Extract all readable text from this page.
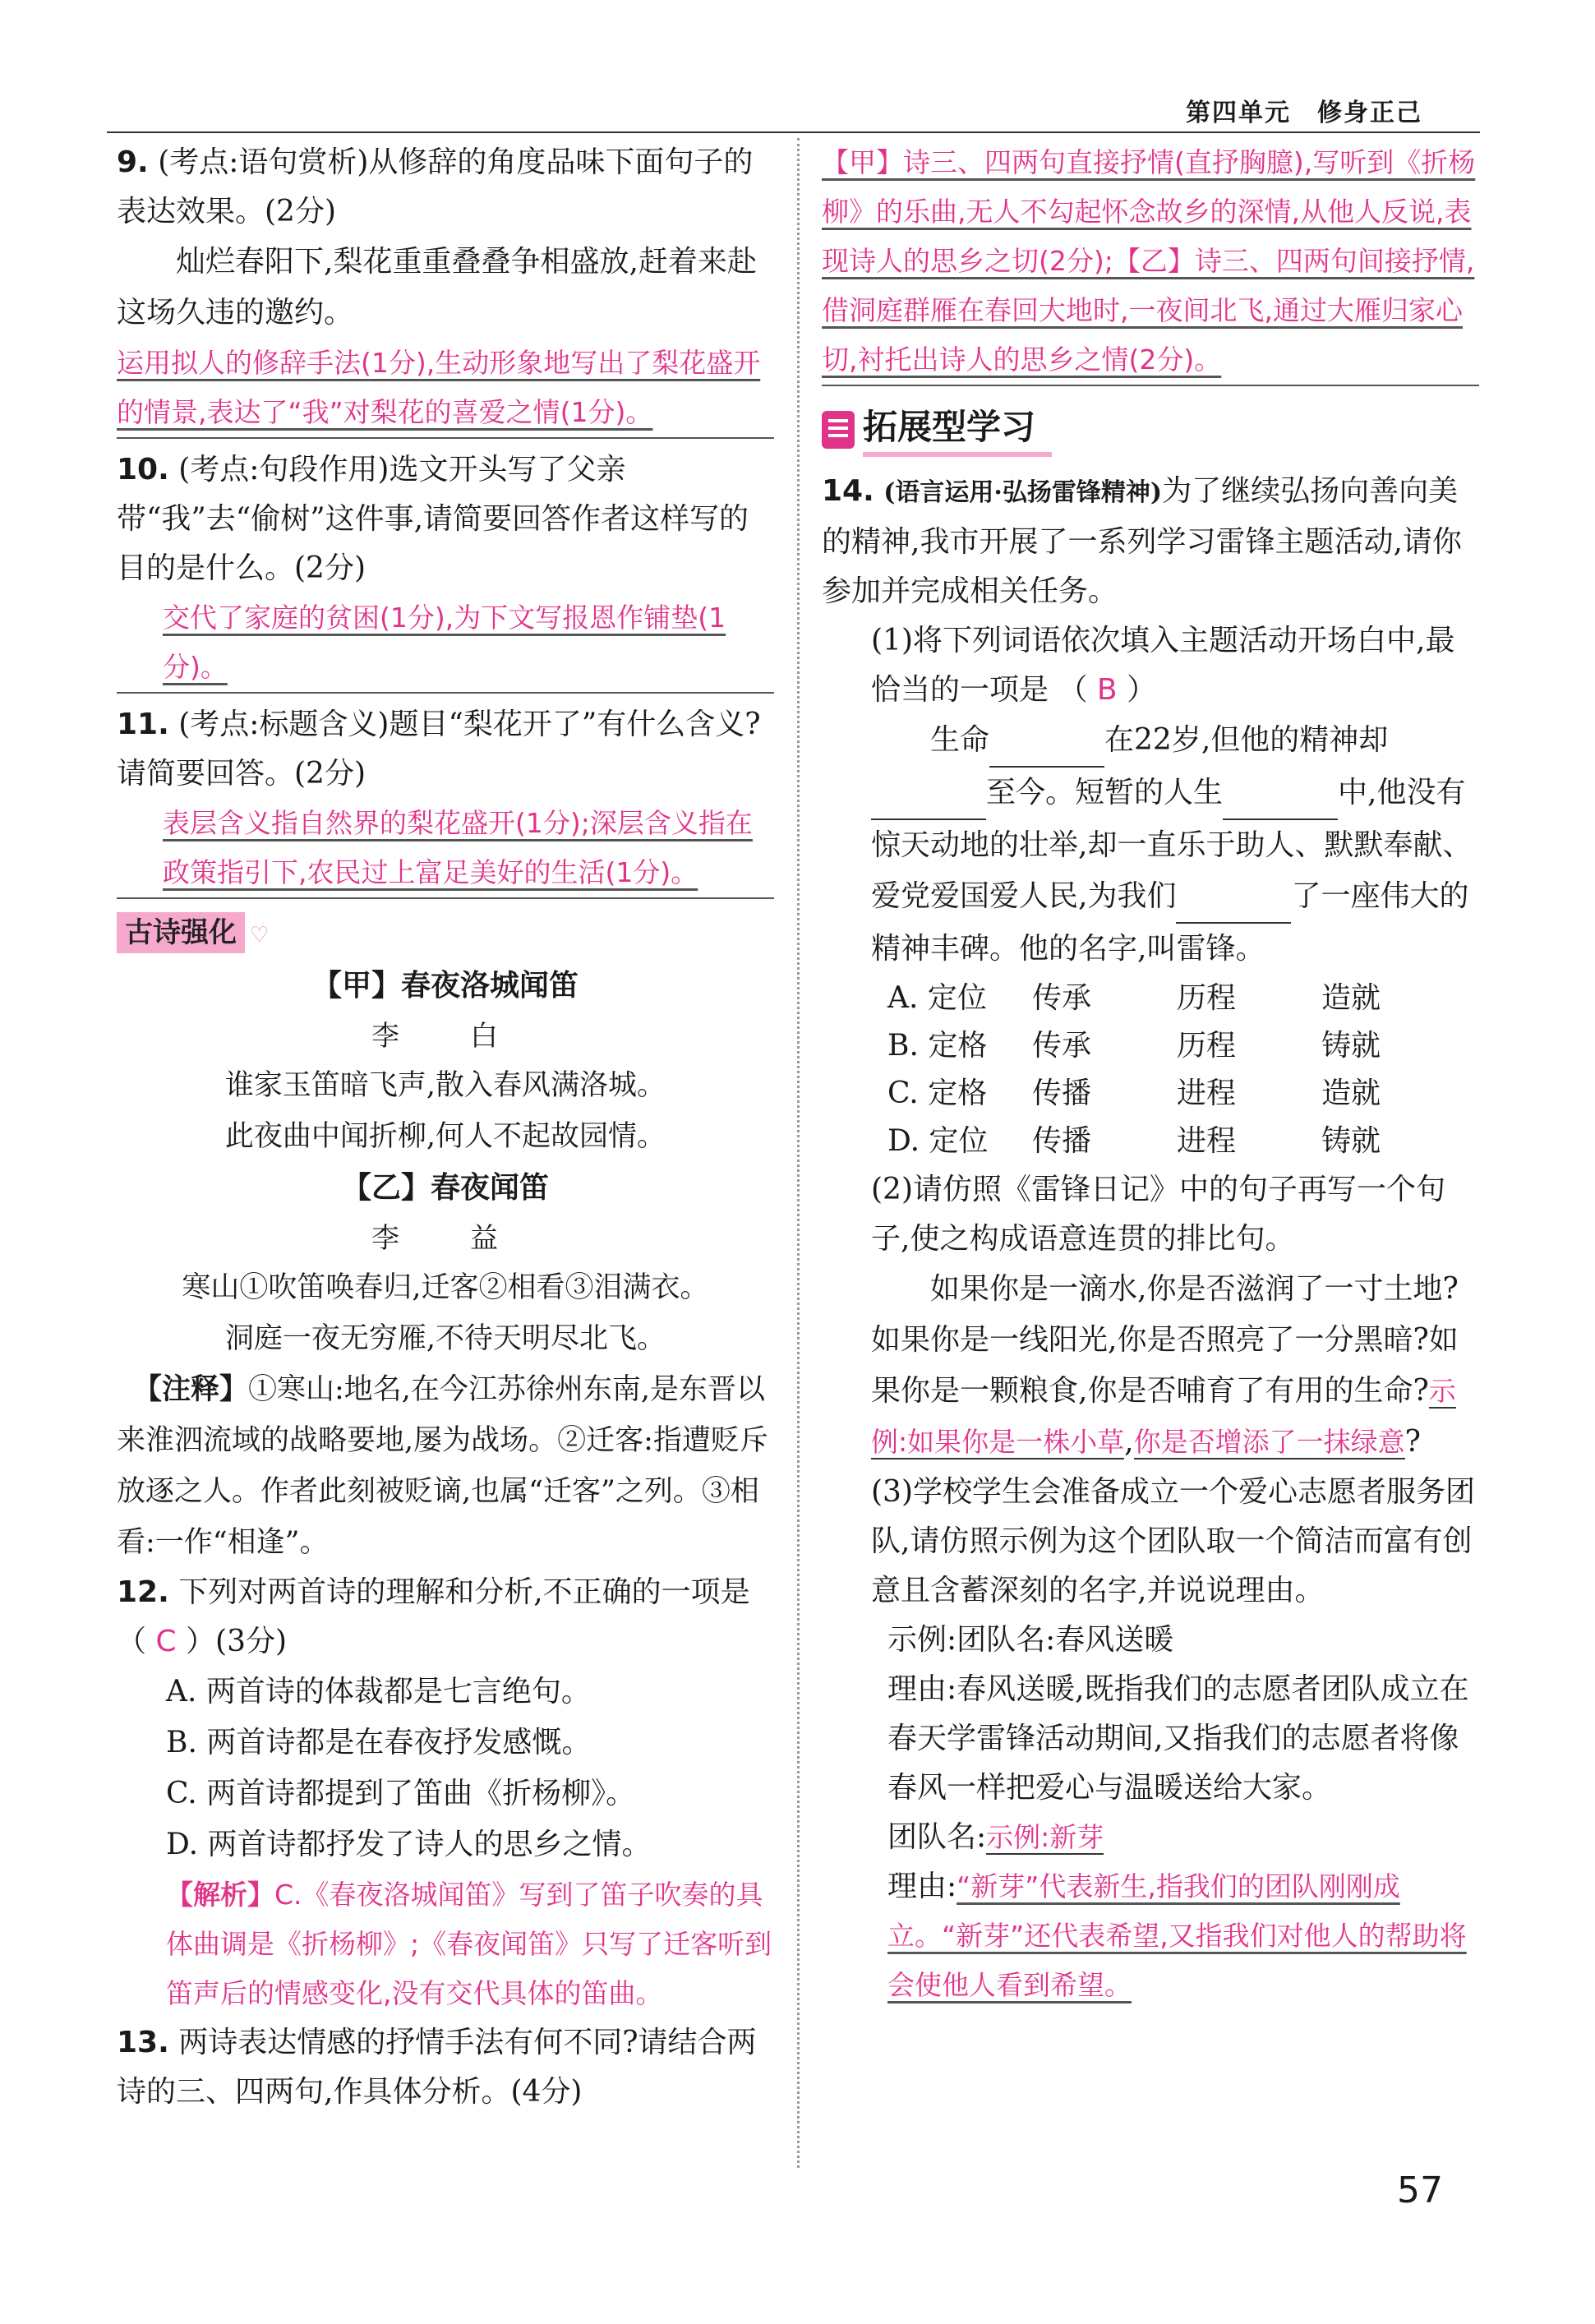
第四单元　修身正己
9. (考点:语句赏析)从修辞的角度品味下面句子的表达效果。(2分)
灿烂春阳下,梨花重重叠叠争相盛放,赶着来赴这场久违的邀约。
运用拟人的修辞手法(1分),生动形象地写出了梨花盛开的情景,表达了“我”对梨花的喜爱之情(1分)。
10. (考点:句段作用)选文开头写了父亲带“我”去“偷树”这件事,请简要回答作者这样写的目的是什么。(2分)
交代了家庭的贫困(1分),为下文写报恩作铺垫(1分)。
11. (考点:标题含义)题目“梨花开了”有什么含义?请简要回答。(2分)
表层含义指自然界的梨花盛开(1分);深层含义指在政策指引下,农民过上富足美好的生活(1分)。
古诗强化 ♡
【甲】春夜洛城闻笛
李　白
谁家玉笛暗飞声,散入春风满洛城。
此夜曲中闻折柳,何人不起故园情。
【乙】春夜闻笛
李　益
寒山①吹笛唤春归,迁客②相看③泪满衣。
洞庭一夜无穷雁,不待天明尽北飞。
【注释】①寒山:地名,在今江苏徐州东南,是东晋以来淮泗流域的战略要地,屡为战场。②迁客:指遭贬斥放逐之人。作者此刻被贬谪,也属“迁客”之列。③相看:一作“相逢”。
12. 下列对两首诗的理解和分析,不正确的一项是 （ C ）(3分)
A. 两首诗的体裁都是七言绝句。
B. 两首诗都是在春夜抒发感慨。
C. 两首诗都提到了笛曲《折杨柳》。
D. 两首诗都抒发了诗人的思乡之情。
【解析】C.《春夜洛城闻笛》写到了笛子吹奏的具体曲调是《折杨柳》;《春夜闻笛》只写了迁客听到笛声后的情感变化,没有交代具体的笛曲。
13. 两诗表达情感的抒情手法有何不同?请结合两诗的三、四两句,作具体分析。(4分)
【甲】诗三、四两句直接抒情(直抒胸臆),写听到《折杨柳》的乐曲,无人不勾起怀念故乡的深情,从他人反说,表现诗人的思乡之切(2分);【乙】诗三、四两句间接抒情,借洞庭群雁在春回大地时,一夜间北飞,通过大雁归家心切,衬托出诗人的思乡之情(2分)。
拓展型学习
14. (语言运用·弘扬雷锋精神)为了继续弘扬向善向美的精神,我市开展了一系列学习雷锋主题活动,请你参加并完成相关任务。
(1)将下列词语依次填入主题活动开场白中,最恰当的一项是 （ B ）
生命	在22岁,但他的精神却至今。短暂的人生	中,他没有惊天动地的壮举,却一直乐于助人、默默奉献、爱党爱国爱人民,为我们	了一座伟大的精神丰碑。他的名字,叫雷锋。
A. 定位	传承	历程	造就
B. 定格	传承	历程	铸就
C. 定格	传播	进程	造就
D. 定位	传播	进程	铸就
(2)请仿照《雷锋日记》中的句子再写一个句子,使之构成语意连贯的排比句。
如果你是一滴水,你是否滋润了一寸土地?如果你是一线阳光,你是否照亮了一分黑暗?如果你是一颗粮食,你是否哺育了有用的生命?示例:如果你是一株小草,你是否增添了一抹绿意?
(3)学校学生会准备成立一个爱心志愿者服务团队,请仿照示例为这个团队取一个简洁而富有创意且含蓄深刻的名字,并说说理由。
示例:团队名:春风送暖
理由:春风送暖,既指我们的志愿者团队成立在春天学雷锋活动期间,又指我们的志愿者将像春风一样把爱心与温暖送给大家。
团队名:示例:新芽
理由:“新芽”代表新生,指我们的团队刚刚成立。“新芽”还代表希望,又指我们对他人的帮助将会使他人看到希望。
57
